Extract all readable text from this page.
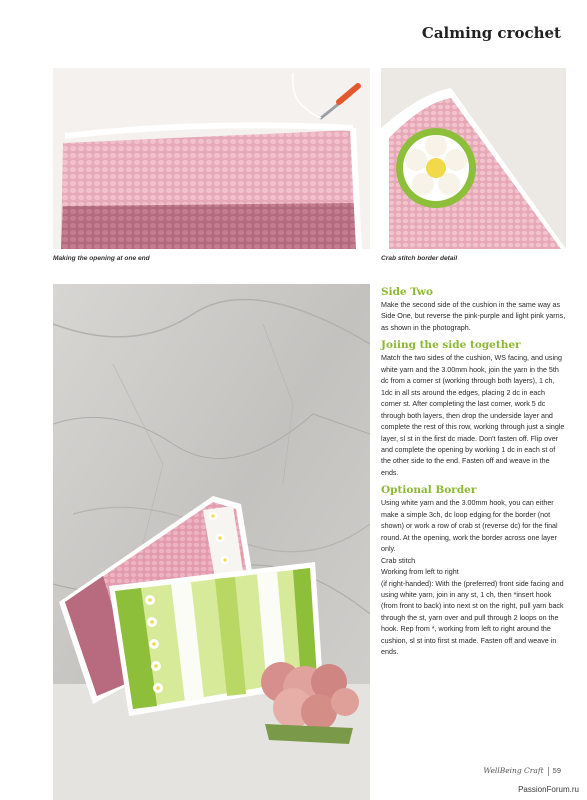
Calming crochet
Making the opening at one end	Crab stitch border detail
Side Two

Make the second side of the cushion in the same way as Side One, but reverse the pink-purple and light pink yarns, as shown in the photograph.

Joiing the side together

Match the two sides of the cushion, WS facing, and using white yarn and the 3.00mm hook, join the yarn in the 5th dc from a corner st (working through both layers), 1 ch, 1dc in all sts around the edges, placing 2 dc in each corner st. After completing the last corner, work 5 dc through both layers, then drop the underside layer and complete the rest of this row, working through just a single layer, sl st in the first dc made. Don't fasten off. Flip over and complete the opening by working 1 dc in each st of the other side to the end. Fasten off and weave in the ends.

Optional Border

Using white yarn and the 3.00mm hook, you can either make a simple 3ch, dc loop edging for the border (not shown) or work a row of crab st (reverse dc) for the final round. At the opening, work the border across one layer only.
Crab stitch
Working from left to right
(if right-handed): With the (preferred) front side facing and using white yarn, join in any st, 1 ch, then *insert hook (from front to back) into next st on the right, pull yarn back through the st, yarn over and pull through 2 loops on the hook. Rep from *, working from left to right around the cushion, sl st into first st made. Fasten off and weave in ends.

WellBeing Craft 59
PassionForum.ru
